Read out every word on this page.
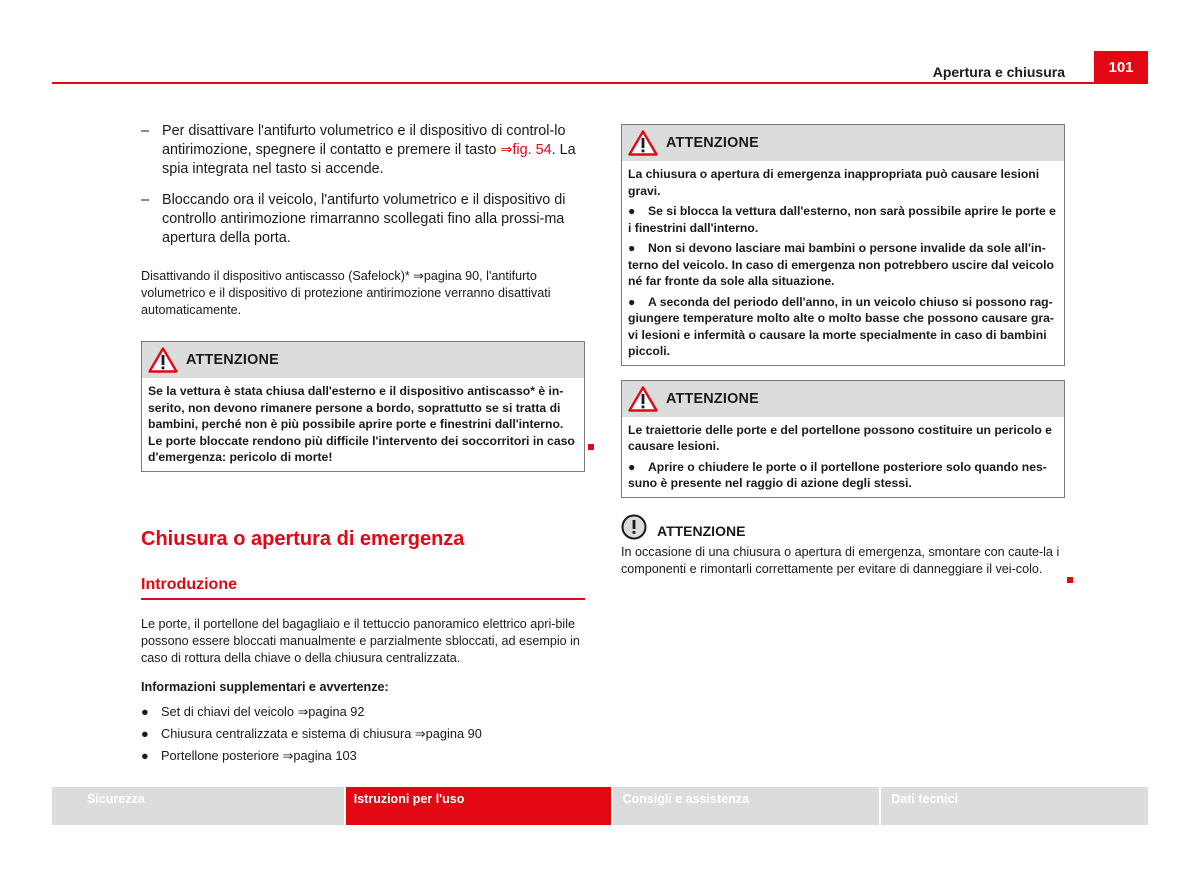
Apertura e chiusura	101
– Per disattivare l'antifurto volumetrico e il dispositivo di control-lo antirimozione, spegnere il contatto e premere il tasto ⇒fig. 54. La spia integrata nel tasto si accende.
– Bloccando ora il veicolo, l'antifurto volumetrico e il dispositivo di controllo antirimozione rimarranno scollegati fino alla prossi-ma apertura della porta.

Disattivando il dispositivo antiscasso (Safelock)* ⇒pagina 90, l'antifurto volumetrico e il dispositivo di protezione antirimozione verranno disattivati automaticamente.

ATTENZIONE

Se la vettura è stata chiusa dall'esterno e il dispositivo antiscasso* è in-serito, non devono rimanere persone a bordo, soprattutto se si tratta di bambini, perché non è più possibile aprire porte e finestrini dall'interno. Le porte bloccate rendono più difficile l'intervento dei soccorritori in caso d'emergenza: pericolo di morte!

Chiusura o apertura di emergenza
Introduzione

Le porte, il portellone del bagagliaio e il tettuccio panoramico elettrico apri-bile possono essere bloccati manualmente e parzialmente sbloccati, ad esempio in caso di rottura della chiave o della chiusura centralizzata.

Informazioni supplementari e avvertenze:

● Set di chiavi del veicolo ⇒pagina 92
● Chiusura centralizzata e sistema di chiusura ⇒pagina 90
● Portellone posteriore ⇒pagina 103
ATTENZIONE

La chiusura o apertura di emergenza inappropriata può causare lesioni gravi.

● Se si blocca la vettura dall'esterno, non sarà possibile aprire le porte e i finestrini dall'interno.

● Non si devono lasciare mai bambini o persone invalide da sole all'in-terno del veicolo. In caso di emergenza non potrebbero uscire dal veicolo né far fronte da sole alla situazione.

● A seconda del periodo dell'anno, in un veicolo chiuso si possono rag-giungere temperature molto alte o molto basse che possono causare gra-vi lesioni e infermità o causare la morte specialmente in caso di bambini piccoli.

ATTENZIONE

Le traiettorie delle porte e del portellone possono costituire un pericolo e causare lesioni.

● Aprire o chiudere le porte o il portellone posteriore solo quando nes-suno è presente nel raggio di azione degli stessi.

ATTENZIONE

In occasione di una chiusura o apertura di emergenza, smontare con caute-la i componenti e rimontarli correttamente per evitare di danneggiare il vei-colo.

Sicurezza	Istruzioni per l'uso	Consigli e assistenza	Dati tecnici
